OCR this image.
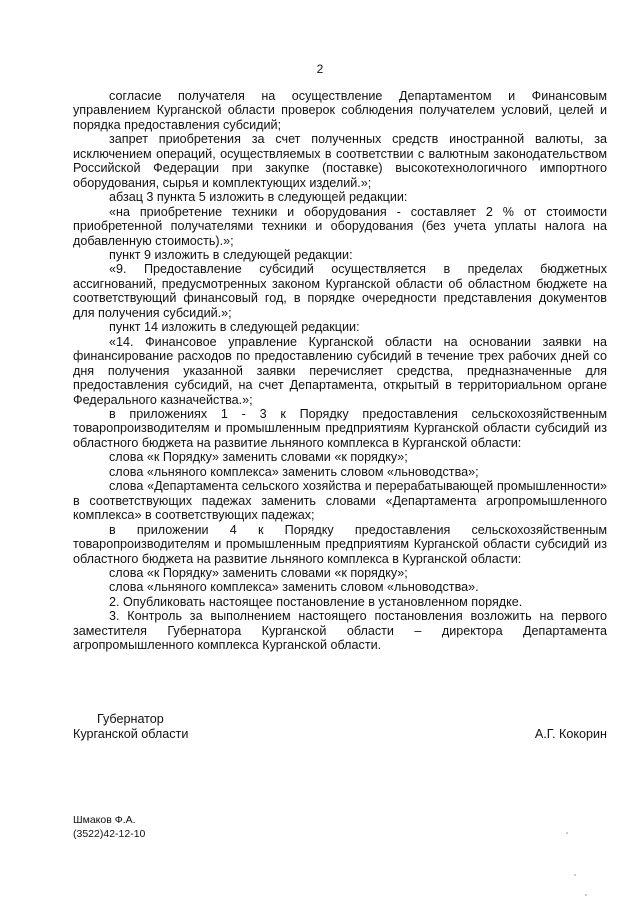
2

согласие получателя на осуществление Департаментом и Финансовым управлением Курганской области проверок соблюдения получателем условий, целей и порядка предоставления субсидий;

запрет приобретения за счет полученных средств иностранной валюты, за исключением операций, осуществляемых в соответствии с валютным законодательством Российской Федерации при закупке (поставке) высокотехнологичного импортного оборудования, сырья и комплектующих изделий.»;

абзац 3 пункта 5 изложить в следующей редакции:

«на приобретение техники и оборудования - составляет 2 % от стоимости приобретенной получателями техники и оборудования (без учета уплаты налога на добавленную стоимость).»;

пункт 9 изложить в следующей редакции:

«9. Предоставление субсидий осуществляется в пределах бюджетных ассигнований, предусмотренных законом Курганской области об областном бюджете на соответствующий финансовый год, в порядке очередности представления документов для получения субсидий.»;

пункт 14 изложить в следующей редакции:

«14. Финансовое управление Курганской области на основании заявки на финансирование расходов по предоставлению субсидий в течение трех рабочих дней со дня получения указанной заявки перечисляет средства, предназначенные для предоставления субсидий, на счет Департамента, открытый в территориальном органе Федерального казначейства.»;

в приложениях 1 - 3 к Порядку предоставления сельскохозяйственным товаропроизводителям и промышленным предприятиям Курганской области субсидий из областного бюджета на развитие льняного комплекса в Курганской области:

слова «к Порядку» заменить словами «к порядку»;

слова «льняного комплекса» заменить словом «льноводства»;

слова «Департамента сельского хозяйства и перерабатывающей промышленности» в соответствующих падежах заменить словами «Департамента агропромышленного комплекса» в соответствующих падежах;

в приложении 4 к Порядку предоставления сельскохозяйственным товаропроизводителям и промышленным предприятиям Курганской области субсидий из областного бюджета на развитие льняного комплекса в Курганской области:

слова «к Порядку» заменить словами «к порядку»;

слова «льняного комплекса» заменить словом «льноводства».

2. Опубликовать настоящее постановление в установленном порядке.

3. Контроль за выполнением настоящего постановления возложить на первого заместителя Губернатора Курганской области – директора Департамента агропромышленного комплекса Курганской области.

Губернатор
Курганской области	А.Г. Кокорин
Шмаков Ф.А.
(3522)42-12-10
